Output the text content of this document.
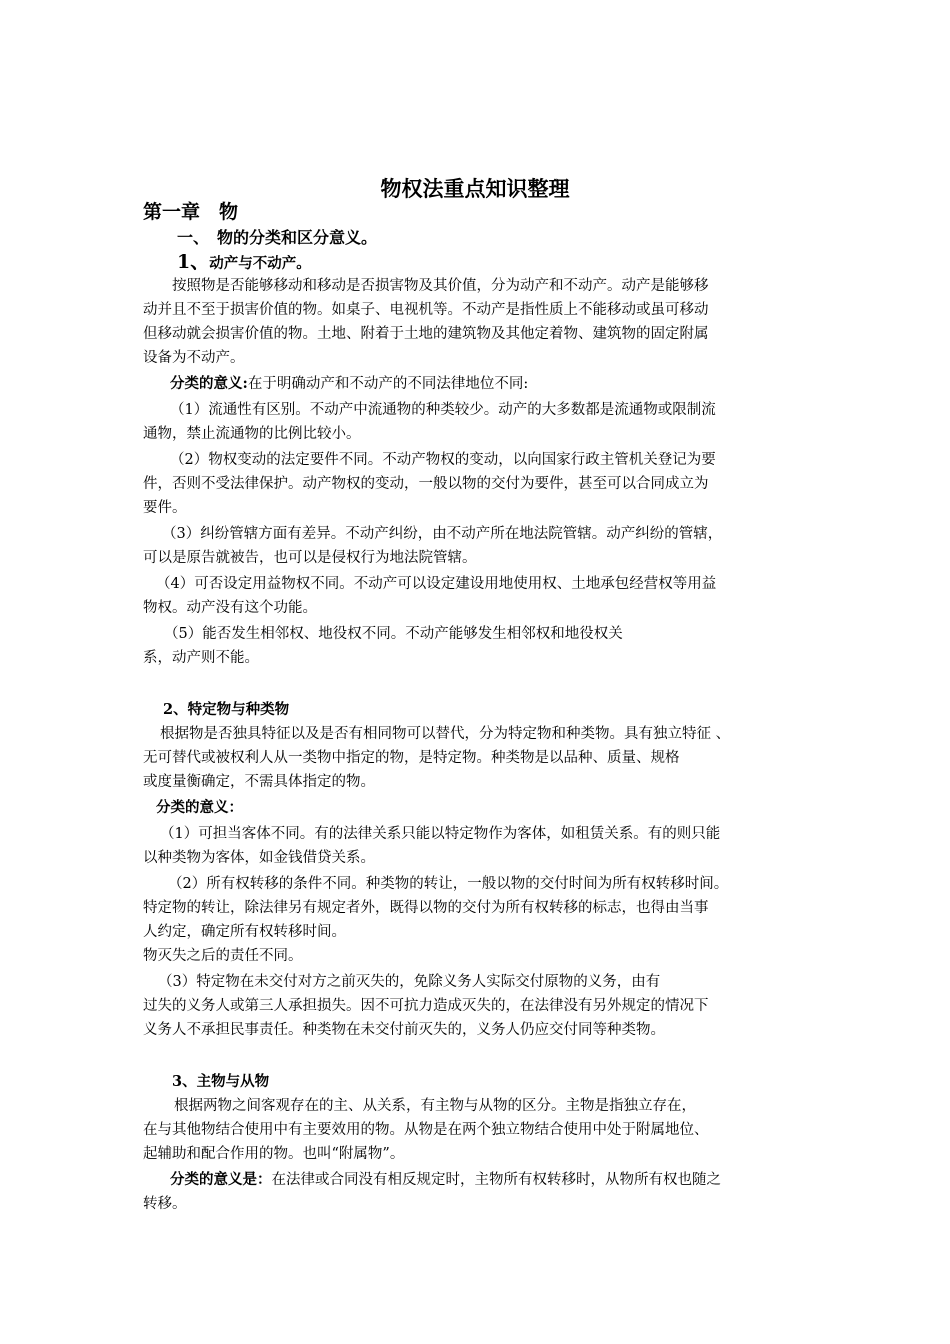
物权法重点知识整理
第一章　物
一、　物的分类和区分意义。
1、动产与不动产。
按照物是否能够移动和移动是否损害物及其价值，分为动产和不动产。动产是能够移
动并且不至于损害价值的物。如桌子、电视机等。不动产是指性质上不能移动或虽可移动
但移动就会损害价值的物。土地、附着于土地的建筑物及其他定着物、建筑物的固定附属
设备为不动产。
分类的意义:在于明确动产和不动产的不同法律地位不同:
（1）流通性有区别。不动产中流通物的种类较少。动产的大多数都是流通物或限制流
通物，禁止流通物的比例比较小。
（2）物权变动的法定要件不同。不动产物权的变动，以向国家行政主管机关登记为要
件，否则不受法律保护。动产物权的变动，一般以物的交付为要件，甚至可以合同成立为
要件。
（3）纠纷管辖方面有差异。不动产纠纷，由不动产所在地法院管辖。动产纠纷的管辖，
可以是原告就被告，也可以是侵权行为地法院管辖。
（4）可否设定用益物权不同。不动产可以设定建设用地使用权、土地承包经营权等用益
物权。动产没有这个功能。
（5）能否发生相邻权、地役权不同。不动产能够发生相邻权和地役权关
系，动产则不能。
2、特定物与种类物
根据物是否独具特征以及是否有相同物可以替代，分为特定物和种类物。具有独立特征 、
无可替代或被权利人从一类物中指定的物，是特定物。种类物是以品种、质量、规格
或度量衡确定，不需具体指定的物。
分类的意义：
（1）可担当客体不同。有的法律关系只能以特定物作为客体，如租赁关系。有的则只能
以种类物为客体，如金钱借贷关系。
（2）所有权转移的条件不同。种类物的转让，一般以物的交付时间为所有权转移时间。
特定物的转让，除法律另有规定者外，既得以物的交付为所有权转移的标志，也得由当事
人约定，确定所有权转移时间。
物灭失之后的责任不同。
（3）特定物在未交付对方之前灭失的，免除义务人实际交付原物的义务，由有
过失的义务人或第三人承担损失。因不可抗力造成灭失的，在法律没有另外规定的情况下
义务人不承担民事责任。种类物在未交付前灭失的，义务人仍应交付同等种类物。
3、主物与从物
根据两物之间客观存在的主、从关系，有主物与从物的区分。主物是指独立存在，
在与其他物结合使用中有主要效用的物。从物是在两个独立物结合使用中处于附属地位、
起辅助和配合作用的物。也叫“附属物”。
分类的意义是：在法律或合同没有相反规定时，主物所有权转移时，从物所有权也随之
转移。
